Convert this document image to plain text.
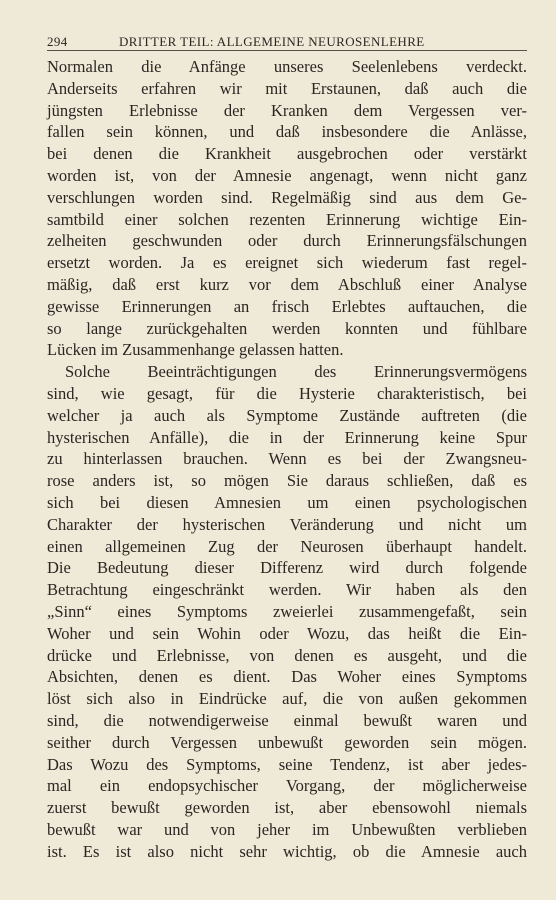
294	DRITTER TEIL: ALLGEMEINE NEUROSENLEHRE
Normalen die Anfänge unseres Seelenlebens verdeckt.
Anderseits erfahren wir mit Erstaunen, daß auch die
jüngsten Erlebnisse der Kranken dem Vergessen ver-
fallen sein können, und daß insbesondere die Anlässe,
bei denen die Krankheit ausgebrochen oder verstärkt
worden ist, von der Amnesie angenagt, wenn nicht ganz
verschlungen worden sind. Regelmäßig sind aus dem Ge-
samtbild einer solchen rezenten Erinnerung wichtige Ein-
zelheiten geschwunden oder durch Erinnerungsfälschungen
ersetzt worden. Ja es ereignet sich wiederum fast regel-
mäßig, daß erst kurz vor dem Abschluß einer Analyse
gewisse Erinnerungen an frisch Erlebtes auftauchen, die
so lange zurückgehalten werden konnten und fühlbare
Lücken im Zusammenhange gelassen hatten.
Solche Beeinträchtigungen des Erinnerungsvermögens
sind, wie gesagt, für die Hysterie charakteristisch, bei
welcher ja auch als Symptome Zustände auftreten (die
hysterischen Anfälle), die in der Erinnerung keine Spur
zu hinterlassen brauchen. Wenn es bei der Zwangsneu-
rose anders ist, so mögen Sie daraus schließen, daß es
sich bei diesen Amnesien um einen psychologischen
Charakter der hysterischen Veränderung und nicht um
einen allgemeinen Zug der Neurosen überhaupt handelt.
Die Bedeutung dieser Differenz wird durch folgende
Betrachtung eingeschränkt werden. Wir haben als den
„Sinn“ eines Symptoms zweierlei zusammengefaßt, sein
Woher und sein Wohin oder Wozu, das heißt die Ein-
drücke und Erlebnisse, von denen es ausgeht, und die
Absichten, denen es dient. Das Woher eines Symptoms
löst sich also in Eindrücke auf, die von außen gekommen
sind, die notwendigerweise einmal bewußt waren und
seither durch Vergessen unbewußt geworden sein mögen.
Das Wozu des Symptoms, seine Tendenz, ist aber jedes-
mal ein endopsychischer Vorgang, der möglicherweise
zuerst bewußt geworden ist, aber ebensowohl niemals
bewußt war und von jeher im Unbewußten verblieben
ist. Es ist also nicht sehr wichtig, ob die Amnesie auch
